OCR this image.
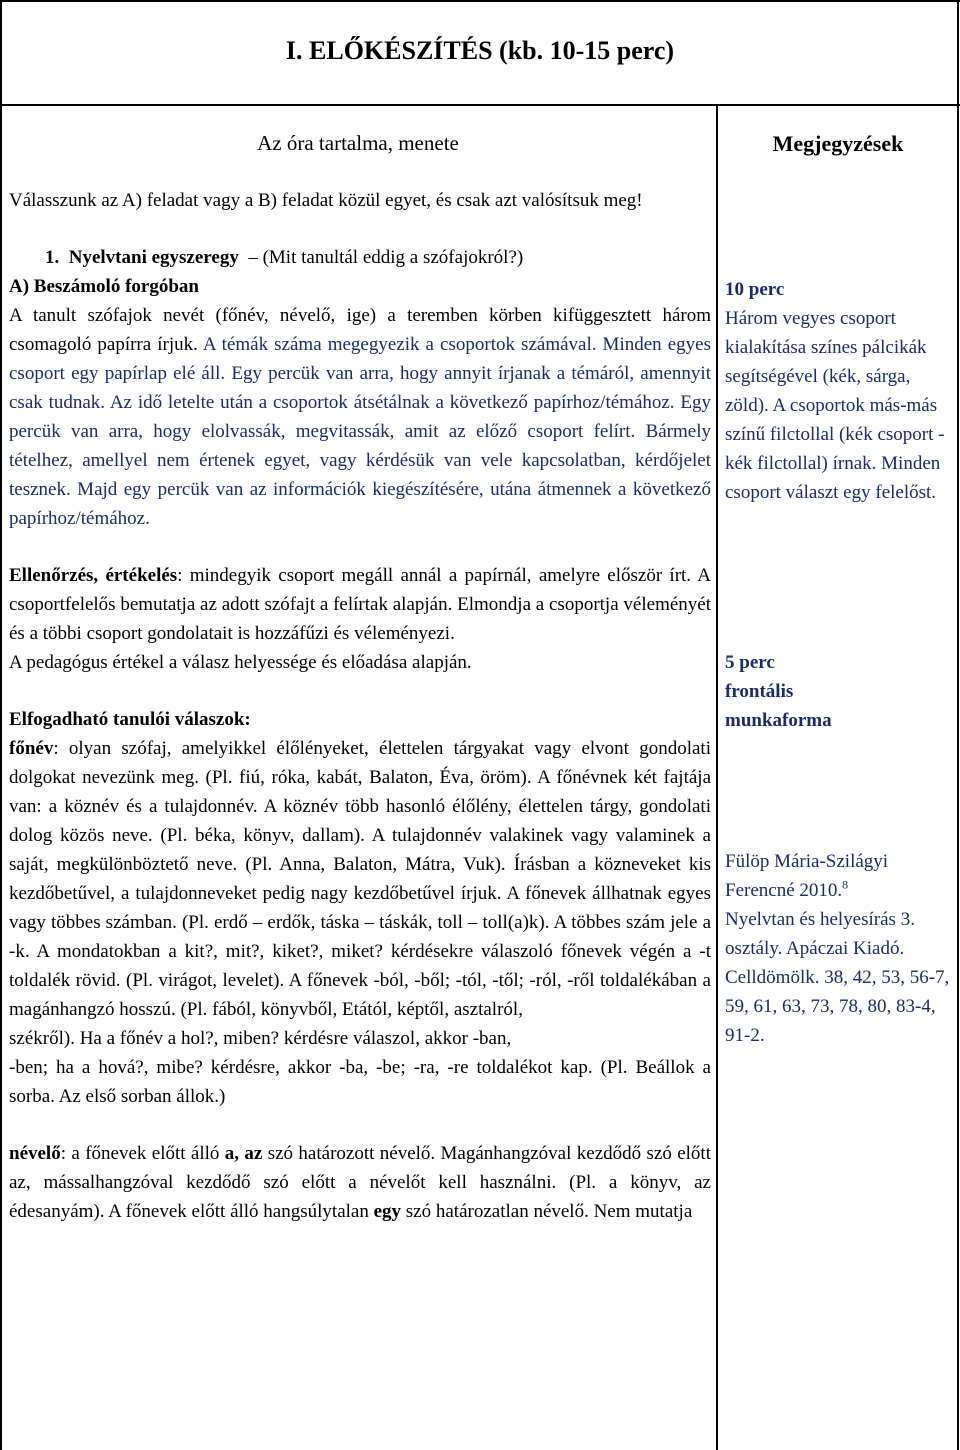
I. ELŐKÉSZÍTÉS (kb. 10-15 perc)
Az óra tartalma, menete	Megjegyzések

Válasszunk az A) feladat vagy a B) feladat közül egyet, és csak azt valósítsuk meg!

1. Nyelvtani egyszeregy  – (Mit tanultál eddig a szófajokról?)

A) Beszámoló forgóban

A tanult szófajok nevét (főnév, névelő, ige) a teremben körben kifüggesztett három csomagoló papírra írjuk. A témák száma megegyezik a csoportok számával. Minden egyes csoport egy papírlap elé áll. Egy percük van arra, hogy annyit írjanak a témáról, amennyit csak tudnak. Az idő letelte után a csoportok átsétálnak a következő papírhoz/témához. Egy percük van arra, hogy elolvassák, megvitassák, amit az előző csoport felírt. Bármely tételhez, amellyel nem értenek egyet, vagy kérdésük van vele kapcsolatban, kérdőjelet tesznek. Majd egy percük van az információk kiegészítésére, utána átmennek a következő papírhoz/témához.

Ellenőrzés, értékelés: mindegyik csoport megáll annál a papírnál, amelyre először írt. A csoportfelelős bemutatja az adott szófajt a felírtak alapján. Elmondja a csoportja véleményét és a többi csoport gondolatait is hozzáfűzi és véleményezi.

A pedagógus értékel a válasz helyessége és előadása alapján.

Elfogadható tanulói válaszok:

főnév: olyan szófaj, amelyikkel élőlényeket, élettelen tárgyakat vagy elvont gondolati dolgokat nevezünk meg. (Pl. fiú, róka, kabát, Balaton, Éva, öröm). A főnévnek két fajtája van: a köznév és a tulajdonnév. A köznév több hasonló élőlény, élettelen tárgy, gondolati dolog közös neve. (Pl. béka, könyv, dallam). A tulajdonnév valakinek vagy valaminek a saját, megkülönböztető neve. (Pl. Anna, Balaton, Mátra, Vuk). Írásban a közneveket kis kezdőbetűvel, a tulajdonneveket pedig nagy kezdőbetűvel írjuk. A főnevek állhatnak egyes vagy többes számban. (Pl. erdő – erdők, táska – táskák, toll – toll(a)k). A többes szám jele a -k. A mondatokban a kit?, mit?, kiket?, miket? kérdésekre válaszoló főnevek végén a -t toldalék rövid. (Pl. virágot, levelet). A főnevek -ból, -ből; -tól, -től; -ról, -ről toldalékában a magánhangzó hosszú. (Pl. fából, könyvből, Etától, képtől, asztalról,

székről). Ha a főnév a hol?, miben? kérdésre válaszol, akkor -ban,

-ben; ha a hová?, mibe? kérdésre, akkor -ba, -be; -ra, -re toldalékot kap. (Pl. Beállok a sorba. Az első sorban állok.)

névelő: a főnevek előtt álló a, az szó határozott névelő. Magánhangzóval kezdődő szó előtt az, mássalhangzóval kezdődő szó előtt a névelőt kell használni. (Pl. a könyv, az édesanyám). A főnevek előtt álló hangsúlytalan egy szó határozatlan névelő. Nem mutatja

10 perc

Három vegyes csoport kialakítása színes pálcikák segítségével (kék, sárga, zöld). A csoportok más-más színű filctollal (kék csoport - kék filctollal) írnak. Minden csoport választ egy felelőst.

5 perc

frontális

munkaforma

Fülöp Mária-Szilágyi Ferencné 2010.$^8$

Nyelvtan és helyesírás 3. osztály. Apáczai Kiadó. Celldömölk. 38, 42, 53, 56-7, 59, 61, 63, 73, 78, 80, 83-4, 91-2.
